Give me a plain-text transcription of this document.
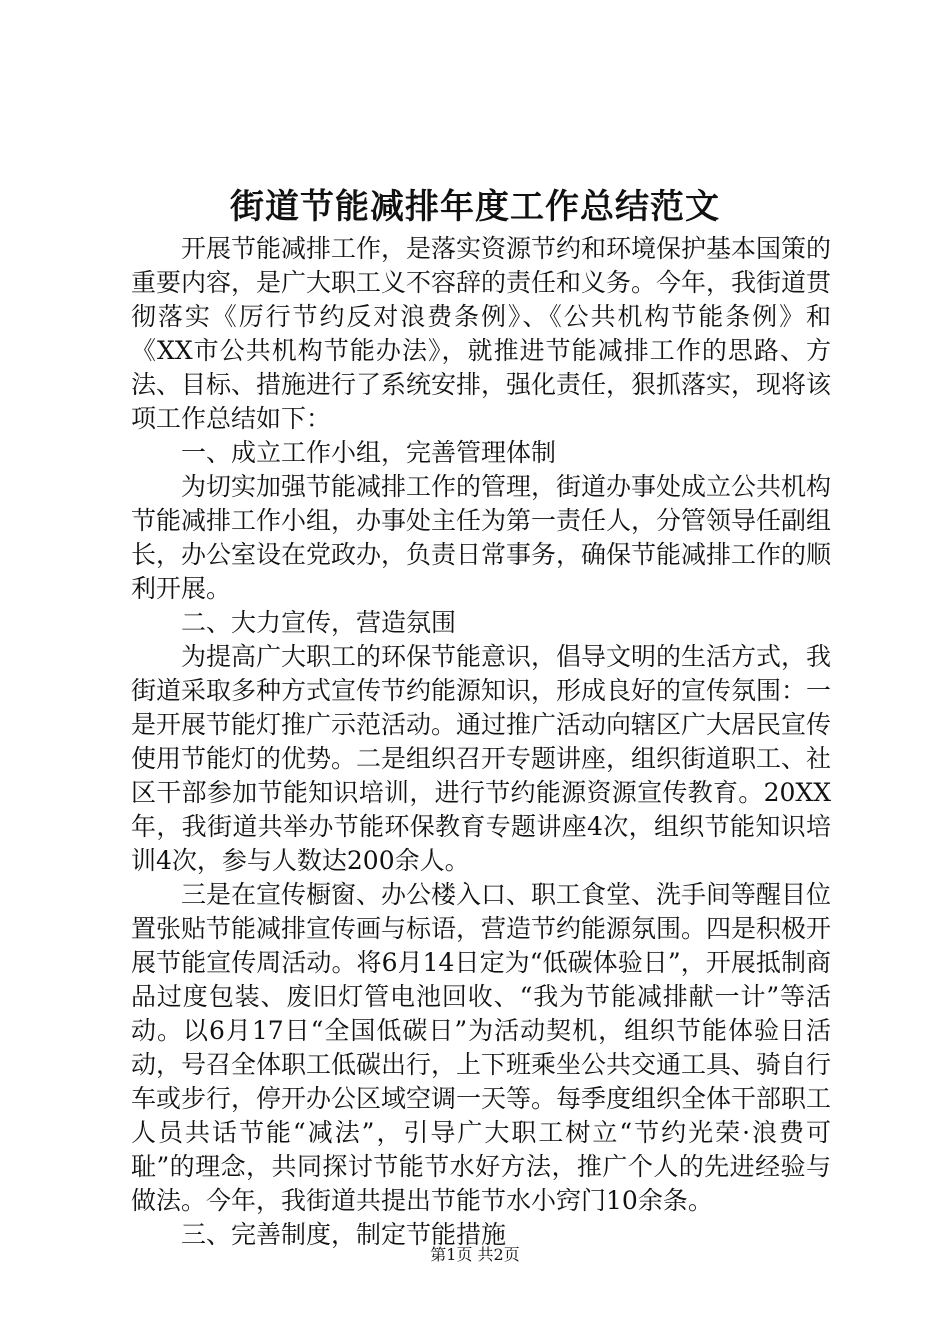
街道节能减排年度工作总结范文

开展节能减排工作，是落实资源节约和环境保护基本国策的重要内容，是广大职工义不容辞的责任和义务。今年，我街道贯彻落实《厉行节约反对浪费条例》、《公共机构节能条例》和《XX市公共机构节能办法》，就推进节能减排工作的思路、方法、目标、措施进行了系统安排，强化责任，狠抓落实，现将该项工作总结如下：

一、成立工作小组，完善管理体制

为切实加强节能减排工作的管理，街道办事处成立公共机构节能减排工作小组，办事处主任为第一责任人，分管领导任副组长，办公室设在党政办，负责日常事务，确保节能减排工作的顺利开展。

二、大力宣传，营造氛围

为提高广大职工的环保节能意识，倡导文明的生活方式，我街道采取多种方式宣传节约能源知识，形成良好的宣传氛围：一是开展节能灯推广示范活动。通过推广活动向辖区广大居民宣传使用节能灯的优势。二是组织召开专题讲座，组织街道职工、社区干部参加节能知识培训，进行节约能源资源宣传教育。20XX年，我街道共举办节能环保教育专题讲座4次，组织节能知识培训4次，参与人数达200余人。

三是在宣传橱窗、办公楼入口、职工食堂、洗手间等醒目位置张贴节能减排宣传画与标语，营造节约能源氛围。四是积极开展节能宣传周活动。将6月14日定为“低碳体验日”，开展抵制商品过度包装、废旧灯管电池回收、“我为节能减排献一计”等活动。以6月17日“全国低碳日”为活动契机，组织节能体验日活动，号召全体职工低碳出行，上下班乘坐公共交通工具、骑自行车或步行，停开办公区域空调一天等。每季度组织全体干部职工人员共话节能“减法”，引导广大职工树立“节约光荣·浪费可耻”的理念，共同探讨节能节水好方法，推广个人的先进经验与做法。今年，我街道共提出节能节水小窍门10余条。

三、完善制度，制定节能措施

第1页 共2页
